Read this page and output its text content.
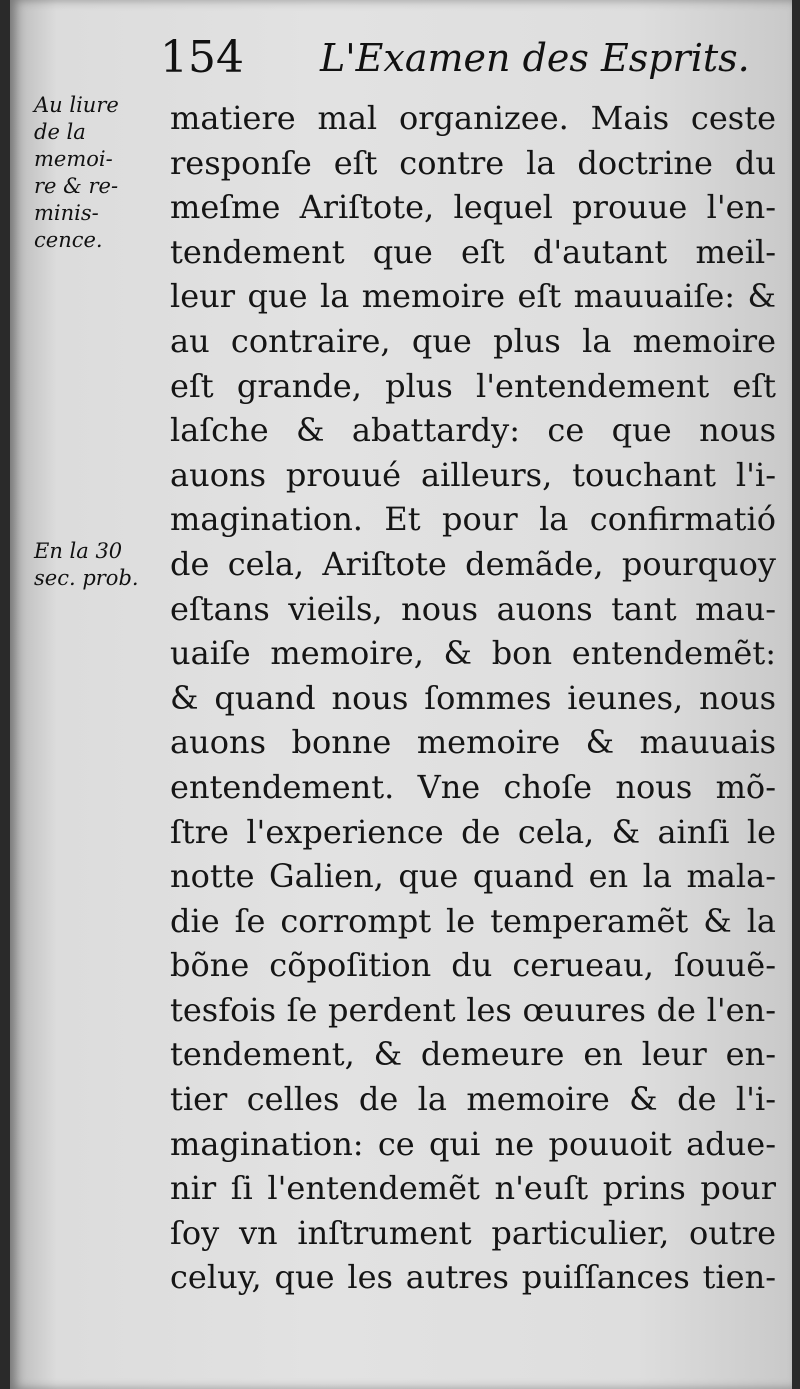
154 L'Examen des Esprits.
Au liure
de la
memoi-
re & re-
minis-
cence.
En la 30
sec. prob.
matiere mal organizee. Mais ceste
responſe eſt contre la doctrine du
meſme Ariſtote, lequel prouue l'en-
tendement que eſt d'autant meil-
leur que la memoire eſt mauuaiſe: &
au contraire, que plus la memoire
eſt grande, plus l'entendement eſt
laſche & abattardy: ce que nous
auons prouué ailleurs, touchant l'i-
magination. Et pour la confirmatió
de cela, Ariſtote demãde, pourquoy
eſtans vieils, nous auons tant mau-
uaiſe memoire, & bon entendemẽt:
& quand nous ſommes ieunes, nous
auons bonne memoire & mauuais
entendement. Vne choſe nous mõ-
ſtre l'experience de cela, & ainſi le
notte Galien, que quand en la mala-
die ſe corrompt le temperamẽt & la
bõne cõpoſition du cerueau, ſouuẽ-
tesfois ſe perdent les œuures de l'en-
tendement, & demeure en leur en-
tier celles de la memoire & de l'i-
magination: ce qui ne pouuoit adue-
nir ſi l'entendemẽt n'euſt prins pour
ſoy vn inſtrument particulier, outre
celuy, que les autres puiſſances tien-
